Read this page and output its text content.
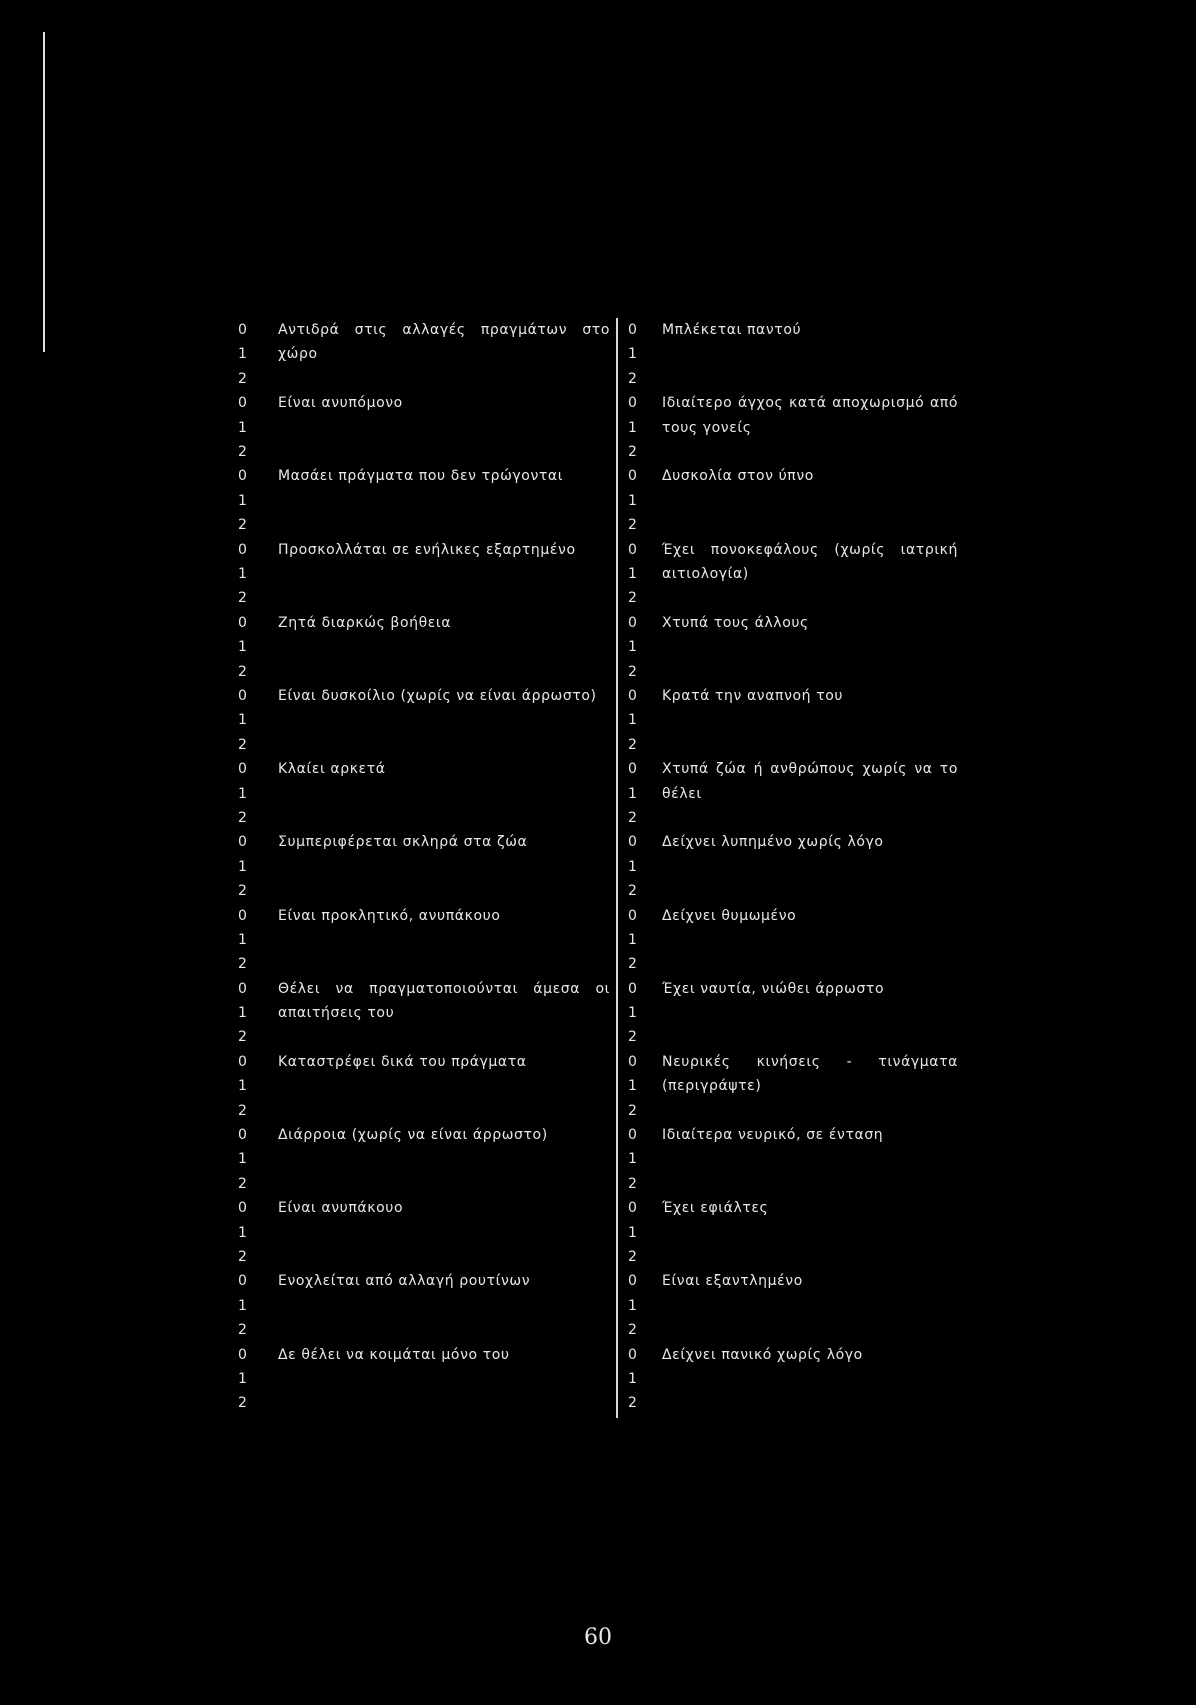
0
1
2
Αντιδρά στις αλλαγές πραγμάτων στο χώρο
0
1
2
Είναι ανυπόμονο
0
1
2
Μασάει πράγματα που δεν τρώγονται
0
1
2
Προσκολλάται σε ενήλικες εξαρτημένο
0
1
2
Ζητά διαρκώς βοήθεια
0
1
2
Είναι δυσκοίλιο (χωρίς να είναι άρρωστο)
0
1
2
Κλαίει αρκετά
0
1
2
Συμπεριφέρεται σκληρά στα ζώα
0
1
2
Είναι προκλητικό, ανυπάκουο
0
1
2
Θέλει να πραγματοποιούνται άμεσα οι απαιτήσεις του
0
1
2
Καταστρέφει δικά του πράγματα
0
1
2
Διάρροια (χωρίς να είναι άρρωστο)
0
1
2
Είναι ανυπάκουο
0
1
2
Ενοχλείται από αλλαγή ρουτίνων
0
1
2
Δε θέλει να κοιμάται μόνο του
0
1
2
Μπλέκεται παντού
0
1
2
Ιδιαίτερο άγχος κατά αποχωρισμό από τους γονείς
0
1
2
Δυσκολία στον ύπνο
0
1
2
Έχει πονοκεφάλους (χωρίς ιατρική αιτιολογία)
0
1
2
Χτυπά τους άλλους
0
1
2
Κρατά την αναπνοή του
0
1
2
Χτυπά ζώα ή ανθρώπους χωρίς να το θέλει
0
1
2
Δείχνει λυπημένο χωρίς λόγο
0
1
2
Δείχνει θυμωμένο
0
1
2
Έχει ναυτία, νιώθει άρρωστο
0
1
2
Νευρικές κινήσεις - τινάγματα (περιγράψτε)
0
1
2
Ιδιαίτερα νευρικό, σε ένταση
0
1
2
Έχει εφιάλτες
0
1
2
Είναι εξαντλημένο
0
1
2
Δείχνει πανικό χωρίς λόγο
60
